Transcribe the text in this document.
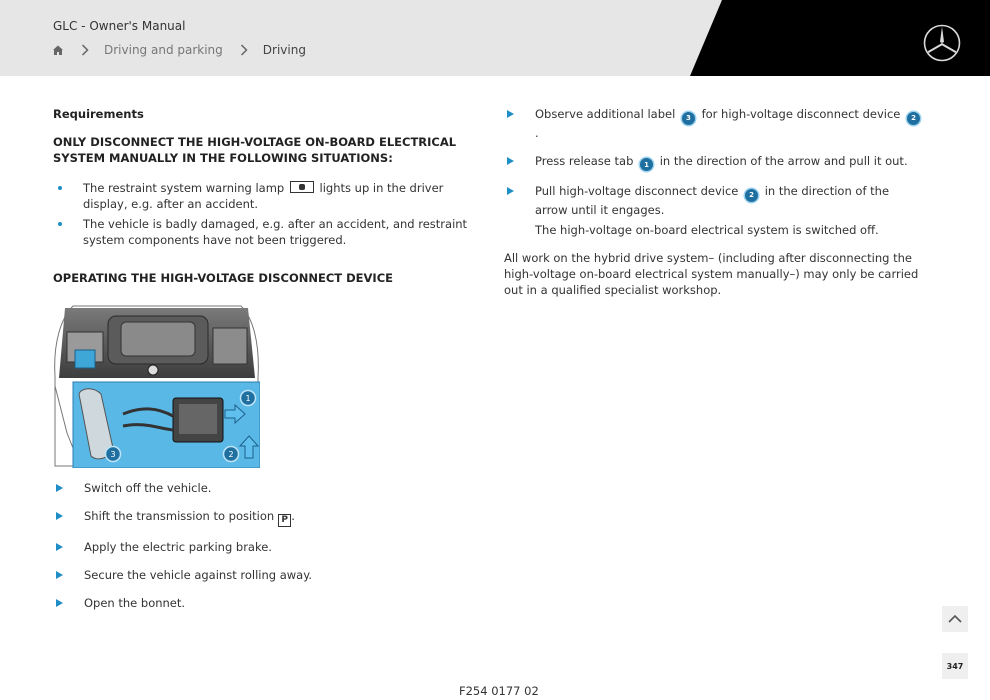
GLC - Owner's Manual
Driving and parking	Driving
Requirements
ONLY DISCONNECT THE HIGH-VOLTAGE ON-BOARD ELECTRICAL SYSTEM MANUALLY IN THE FOLLOWING SITUATIONS:
The restraint system warning lamp	lights up in the driver display, e.g. after an accident.
The vehicle is badly damaged, e.g. after an accident, and restraint system components have not been triggered.
OPERATING THE HIGH-VOLTAGE DISCONNECT DEVICE
1
2
3
Switch off the vehicle.
Shift the transmission to position P .
Apply the electric parking brake.
Secure the vehicle against rolling away.
Open the bonnet.
Observe additional label 3 for high-voltage disconnect device 2.
Press release tab 1 in the direction of the arrow and pull it out.
Pull high-voltage disconnect device 2 in the direction of the arrow until it engages.
The high-voltage on-board electrical system is switched off.
All work on the hybrid drive system– (including after disconnecting the high-voltage on-board electrical system manually–) may only be carried out in a qualified specialist workshop.
F254 0177 02
347
